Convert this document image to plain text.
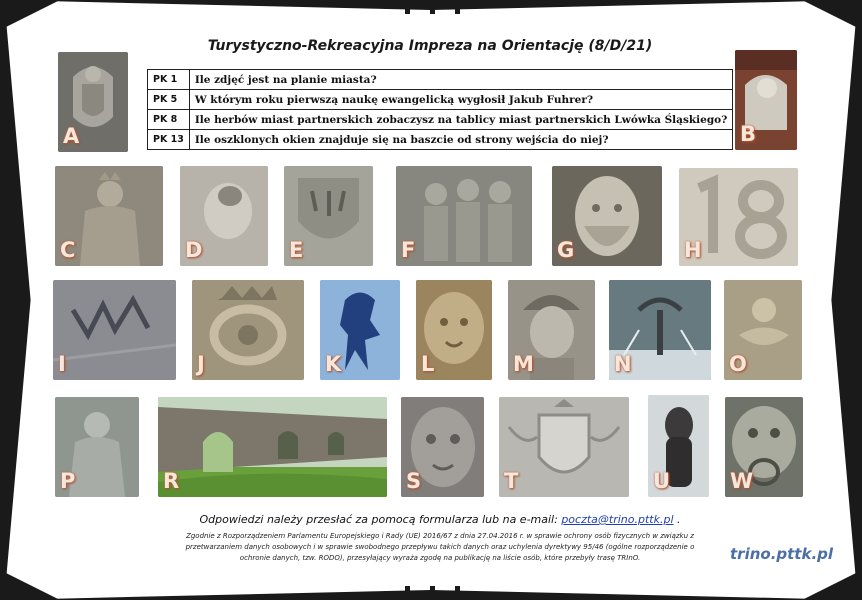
Turystyczno-Rekreacyjna Impreza na Orientację (8/D/21)
PK 1	Ile zdjęć jest na planie miasta?
PK 5	W którym roku pierwszą naukę ewangelicką wygłosił Jakub Fuhrer?
PK 8	Ile herbów miast partnerskich zobaczysz na tablicy miast partnerskich Lwówka Śląskiego?
PK 13	Ile oszklonych okien znajduje się na baszcie od strony wejścia do niej?
A	B
C	D	E	F	G	H
I	J	K	L	M	N	O
P	R	S	T	U	W
Odpowiedzi należy przesłać za pomocą formularza lub na e-mail: poczta@trino.pttk.pl .
Zgodnie z Rozporządzeniem Parlamentu Europejskiego i Rady (UE) 2016/67 z dnia 27.04.2016 r. w sprawie ochrony osób fizycznych w związku z przetwarzaniem danych osobowych i w sprawie swobodnego przepływu takich danych oraz uchylenia dyrektywy 95/46 (ogólne rozporządzenie o ochronie danych, tzw. RODO), przesyłający wyraża zgodę na publikację na liście osób, które przebyły trasę TRInO.	trino.pttk.pl
